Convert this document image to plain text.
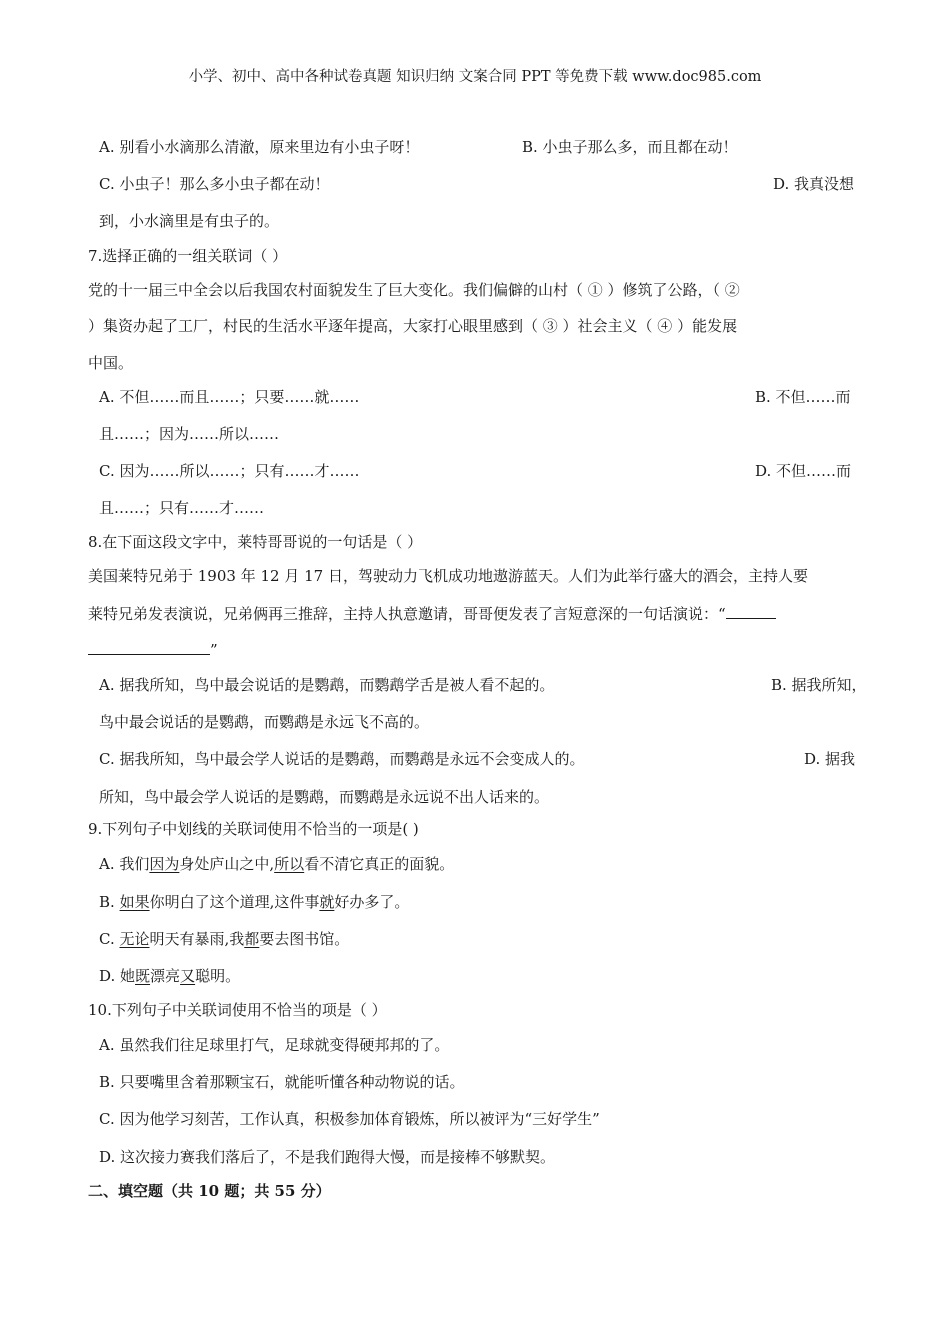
小学、初中、高中各种试卷真题 知识归纳 文案合同 PPT 等免费下载 www.doc985.com
A. 别看小水滴那么清澈，原来里边有小虫子呀！	B. 小虫子那么多，而且都在动！
C. 小虫子！那么多小虫子都在动！	D. 我真没想
到，小水滴里是有虫子的。
7.选择正确的一组关联词（ ）
党的十一届三中全会以后我国农村面貌发生了巨大变化。我们偏僻的山村（ ① ）修筑了公路，（ ②
）集资办起了工厂，村民的生活水平逐年提高，大家打心眼里感到（ ③ ）社会主义（ ④ ）能发展
中国。
A. 不但……而且……；只要……就……	B. 不但……而
且……；因为……所以……
C. 因为……所以……；只有……才……	D. 不但……而
且……；只有……才……
8.在下面这段文字中，莱特哥哥说的一句话是（ ）
美国莱特兄弟于 1903 年 12 月 17 日，驾驶动力飞机成功地遨游蓝天。人们为此举行盛大的酒会，主持人要
莱特兄弟发表演说，兄弟俩再三推辞，主持人执意邀请，哥哥便发表了言短意深的一句话演说：“
”
A. 据我所知，鸟中最会说话的是鹦鹉，而鹦鹉学舌是被人看不起的。	B. 据我所知，
鸟中最会说话的是鹦鹉，而鹦鹉是永远飞不高的。
C. 据我所知，鸟中最会学人说话的是鹦鹉，而鹦鹉是永远不会变成人的。	D. 据我
所知，鸟中最会学人说话的是鹦鹉，而鹦鹉是永远说不出人话来的。
9.下列句子中划线的关联词使用不恰当的一项是( )
A. 我们因为身处庐山之中,所以看不清它真正的面貌。
B. 如果你明白了这个道理,这件事就好办多了。
C. 无论明天有暴雨,我都要去图书馆。
D. 她既漂亮又聪明。
10.下列句子中关联词使用不恰当的项是（ ）
A. 虽然我们往足球里打气，足球就变得硬邦邦的了。
B. 只要嘴里含着那颗宝石，就能听懂各种动物说的话。
C. 因为他学习刻苦，工作认真，积极参加体育锻炼，所以被评为“三好学生”
D. 这次接力赛我们落后了，不是我们跑得大慢，而是接棒不够默契。
二、填空题（共 10 题；共 55 分）
